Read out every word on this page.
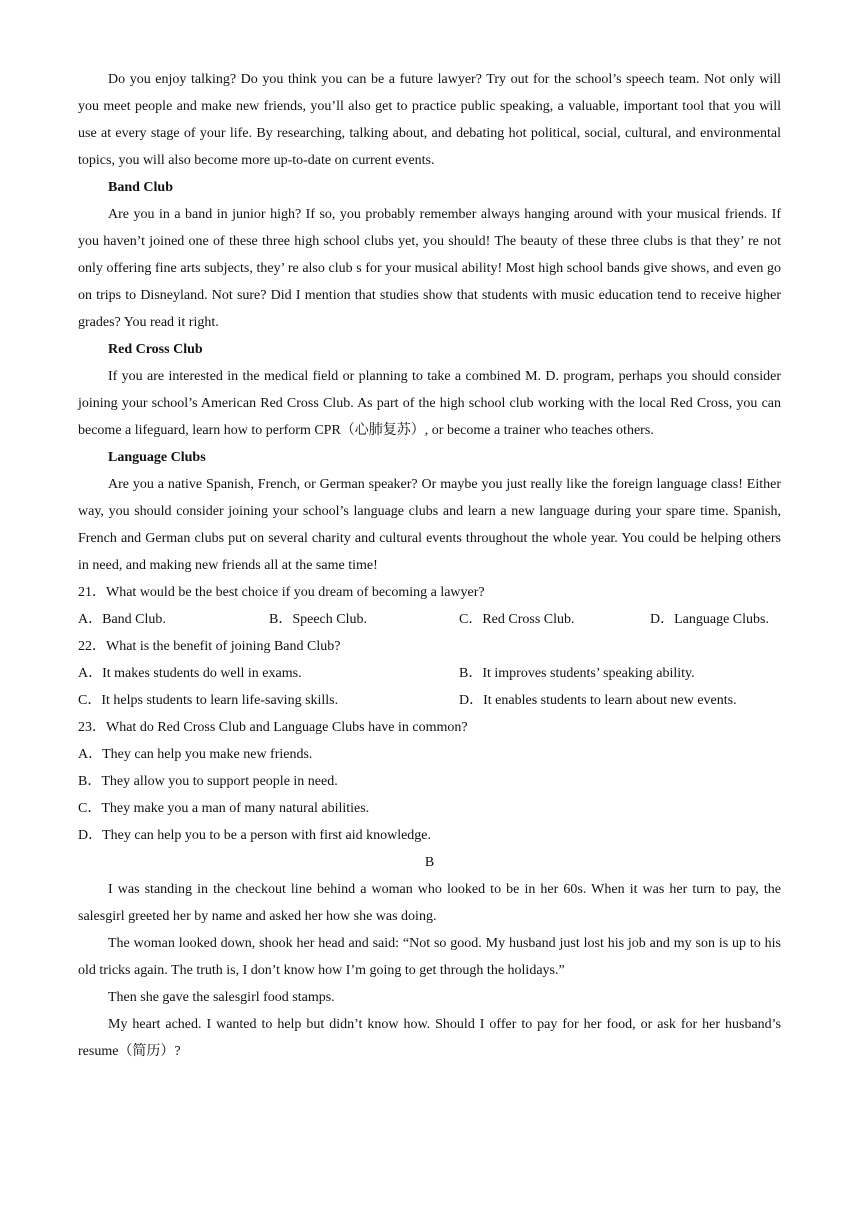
Do you enjoy talking? Do you think you can be a future lawyer? Try out for the school’s speech team. Not only will you meet people and make new friends, you’ll also get to practice public speaking, a valuable, important tool that you will use at every stage of your life. By researching, talking about, and debating hot political, social, cultural, and environmental topics, you will also become more up-to-date on current events.

Band Club

Are you in a band in junior high? If so, you probably remember always hanging around with your musical friends. If you haven’t joined one of these three high school clubs yet, you should! The beauty of these three clubs is that they’ re not only offering fine arts subjects, they’ re also club s for your musical ability! Most high school bands give shows, and even go on trips to Disneyland. Not sure? Did I mention that studies show that students with music education tend to receive higher grades? You read it right.

Red Cross Club

If you are interested in the medical field or planning to take a combined M. D. program, perhaps you should consider joining your school’s American Red Cross Club. As part of the high school club working with the local Red Cross, you can become a lifeguard, learn how to perform CPR（心肺复苏）, or become a trainer who teaches others.

Language Clubs

Are you a native Spanish, French, or German speaker? Or maybe you just really like the foreign language class! Either way, you should consider joining your school’s language clubs and learn a new language during your spare time. Spanish, French and German clubs put on several charity and cultural events throughout the whole year. You could be helping others in need, and making new friends all at the same time!

21．What would be the best choice if you dream of becoming a lawyer?

A．Band Club.	B．Speech Club.	C．Red Cross Club.	D．Language Clubs.

22．What is the benefit of joining Band Club?

A．It makes students do well in exams.	B．It improves students’ speaking ability.
C．It helps students to learn life-saving skills.	D．It enables students to learn about new events.

23．What do Red Cross Club and Language Clubs have in common?

A．They can help you make new friends.
B．They allow you to support people in need.
C．They make you a man of many natural abilities.
D．They can help you to be a person with first aid knowledge.

B

I was standing in the checkout line behind a woman who looked to be in her 60s. When it was her turn to pay, the salesgirl greeted her by name and asked her how she was doing.

The woman looked down, shook her head and said: “Not so good. My husband just lost his job and my son is up to his old tricks again. The truth is, I don’t know how I’m going to get through the holidays.”

Then she gave the salesgirl food stamps.

My heart ached. I wanted to help but didn’t know how. Should I offer to pay for her food, or ask for her husband’s resume（简历）?
